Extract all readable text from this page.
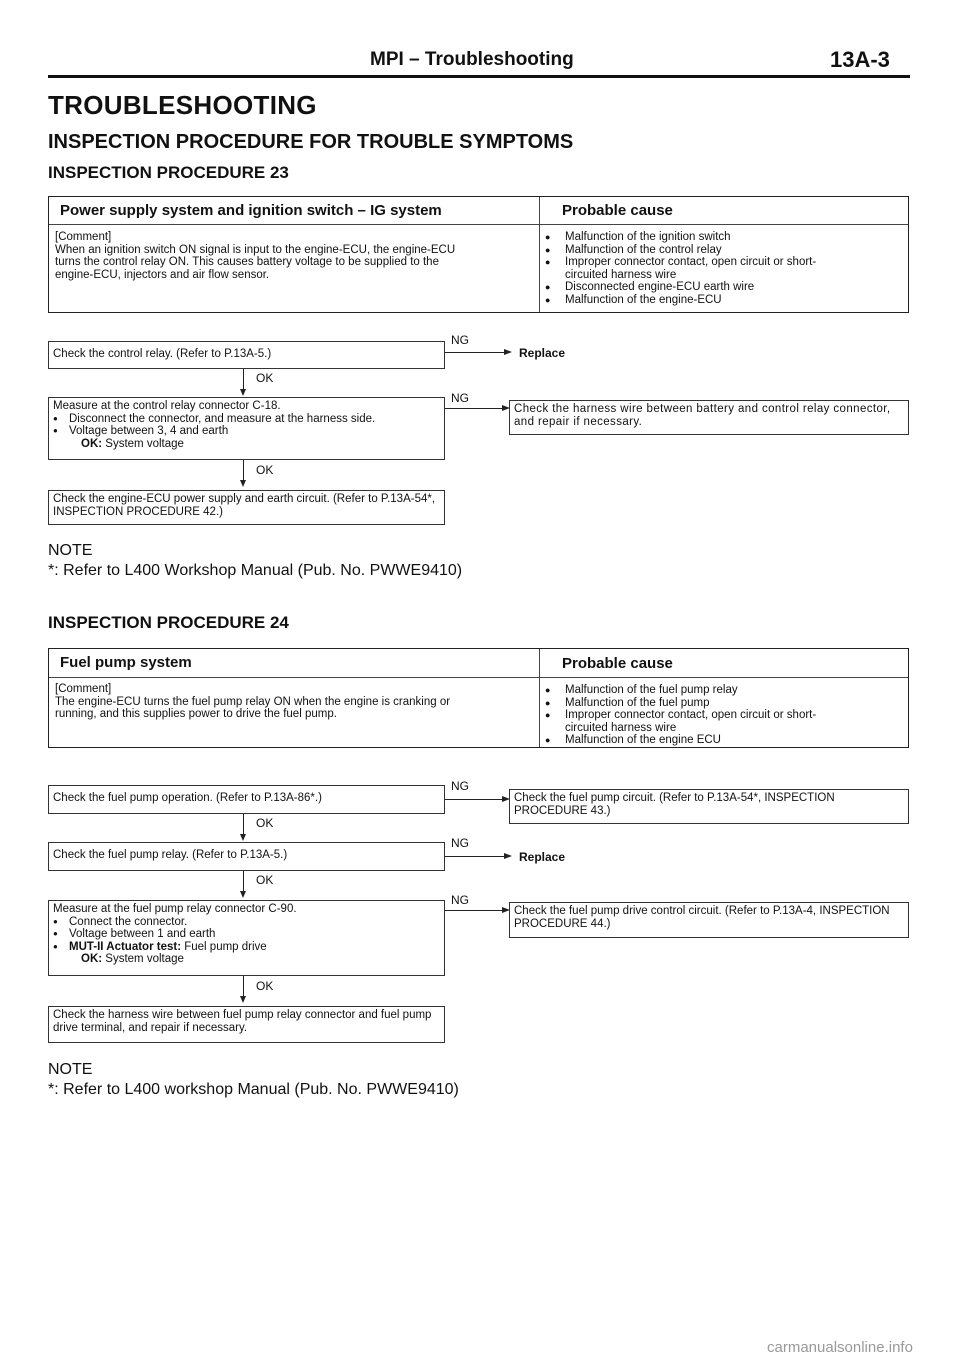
MPI – Troubleshooting	13A-3
TROUBLESHOOTING
INSPECTION PROCEDURE FOR TROUBLE SYMPTOMS
INSPECTION PROCEDURE 23
Power supply system and ignition switch – IG system	Probable cause
[Comment]
When an ignition switch ON signal is input to the engine-ECU, the engine-ECU
turns the control relay ON. This causes battery voltage to be supplied to the
engine-ECU, injectors and air flow sensor.
● Malfunction of the ignition switch
● Malfunction of the control relay
● Improper connector contact, open circuit or short-
circuited harness wire
● Disconnected engine-ECU earth wire
● Malfunction of the engine-ECU
Check the control relay. (Refer to P.13A-5.)
NG
Replace
OK
Measure at the control relay connector C-18.
● Disconnect the connector, and measure at the harness side.
● Voltage between 3, 4 and earth
OK: System voltage
NG
Check the harness wire between battery and control relay connector, and repair if necessary.
OK
Check the engine-ECU power supply and earth circuit. (Refer to P.13A-54*, INSPECTION PROCEDURE 42.)
NOTE
*: Refer to L400 Workshop Manual (Pub. No. PWWE9410)
INSPECTION PROCEDURE 24
Fuel pump system	Probable cause
[Comment]
The engine-ECU turns the fuel pump relay ON when the engine is cranking or
running, and this supplies power to drive the fuel pump.
● Malfunction of the fuel pump relay
● Malfunction of the fuel pump
● Improper connector contact, open circuit or short-
circuited harness wire
● Malfunction of the engine ECU
Check the fuel pump operation. (Refer to P.13A-86*.)
NG
Check the fuel pump circuit. (Refer to P.13A-54*, INSPECTION PROCEDURE 43.)
OK
Check the fuel pump relay. (Refer to P.13A-5.)
NG
Replace
OK
Measure at the fuel pump relay connector C-90.
● Connect the connector.
● Voltage between 1 and earth
● MUT-II Actuator test: Fuel pump drive
OK: System voltage
NG
Check the fuel pump drive control circuit. (Refer to P.13A-4, INSPECTION PROCEDURE 44.)
OK
Check the harness wire between fuel pump relay connector and fuel pump drive terminal, and repair if necessary.
NOTE
*: Refer to L400 workshop Manual (Pub. No. PWWE9410)
carmanualsonline.info
